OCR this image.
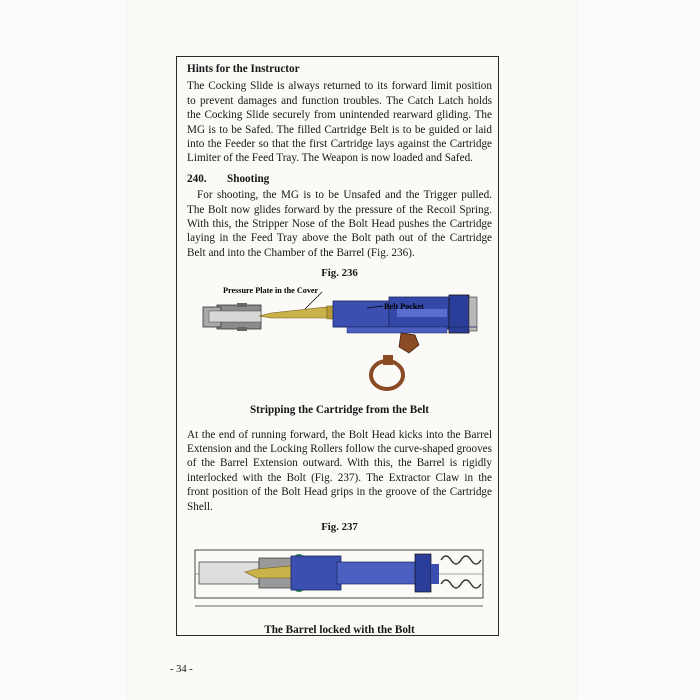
Hints for the Instructor

The Cocking Slide is always returned to its forward limit position to prevent damages and function troubles. The Catch Latch holds the Cocking Slide securely from unintended rearward gliding. The MG is to be Safed. The filled Cartridge Belt is to be guided or laid into the Feeder so that the first Cartridge lays against the Cartridge Limiter of the Feed Tray. The Weapon is now loaded and Safed.

240. Shooting

For shooting, the MG is to be Unsafed and the Trigger pulled. The Bolt now glides forward by the pressure of the Recoil Spring. With this, the Stripper Nose of the Bolt Head pushes the Cartridge laying in the Feed Tray above the Bolt path out of the Cartridge Belt and into the Chamber of the Barrel (Fig. 236).

Fig. 236
Pressure Plate in the Cover
Belt Pocket
Stripping the Cartridge from the Belt

At the end of running forward, the Bolt Head kicks into the Barrel Extension and the Locking Rollers follow the curve-shaped grooves of the Barrel Extension outward. With this, the Barrel is rigidly interlocked with the Bolt (Fig. 237). The Extractor Claw in the front position of the Bolt Head grips in the groove of the Cartridge Shell.

Fig. 237
The Barrel locked with the Bolt
- 34 -
